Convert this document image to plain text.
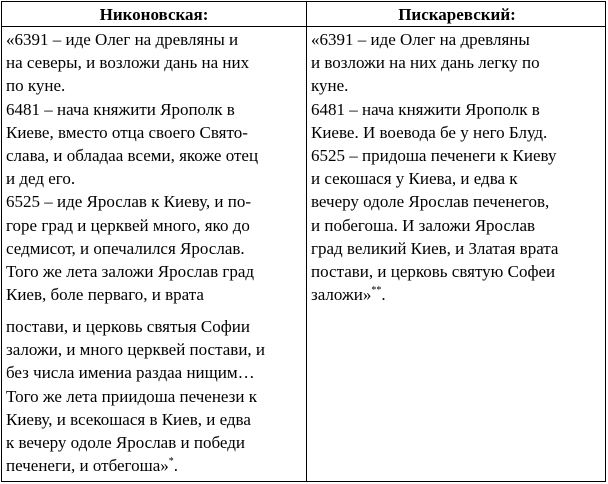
Никоновская:	Пискаревский:
«6391 – иде Олег на древляны и
на северы, и возложи дань на них
по куне.
6481 – нача княжити Ярополк в
Киеве, вместо отца своего Свято-
слава, и обладаа всеми, якоже отец
и дед его.
6525 – иде Ярослав к Киеву, и по-
горе град и церквей много, яко до
седмисот, и опечалился Ярослав.
Того же лета заложи Ярослав град
Киев, боле перваго, и врата
постави, и церковь святыя Софии
заложи, и много церквей постави, и
без числа имениа раздаа нищим…
Того же лета приидоша печенези к
Киеву, и всекошася в Киев, и едва
к вечеру одоле Ярослав и победи
печенеги, и отбегоша»*.
«6391 – иде Олег на древляны
и возложи на них дань легку по
куне.
6481 – нача княжити Ярополк в
Киеве. И воевода бе у него Блуд.
6525 – придоша печенеги к Киеву
и секошася у Киева, и едва к
вечеру одоле Ярослав печенегов,
и побегоша. И заложи Ярослав
град великий Киев, и Златая врата
постави, и церковь святую Софеи
заложи»**.
